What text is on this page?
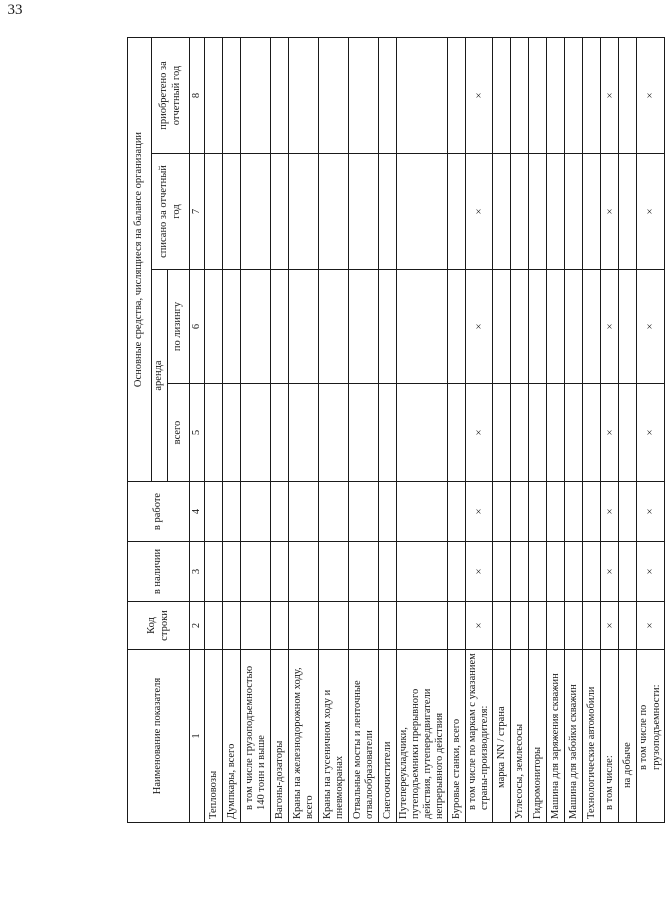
33
Наименование показателя	Код строки	в наличии	в работе	Основные средства, числящиеся на балансе организации			
				аренда		списано за отчетный год	приобретено за отчетный год
				всего	по лизингу		
1	2	3	4	5	6	7	8
Тепловозы							
Думпкары, всего							
в том числе грузоподъемностью 140 тонн и выше							
Вагоны-дозаторы							
Краны на железнодорожном ходу, всего							
Краны на гусеничном ходу и пневмокранах							
Отвальные мосты и ленточные отвалообразователи							
Снегоочистители							
Путепереукладчики, путеподъемники прерывного действия, путепередвигатели непрерывного действия							
Буровые станки, всего							
в том числе по маркам с указанием страны-производителя:	×	×	×	×	×	×	×
марка NN / страна							
Углесосы, землесосы							
Гидромониторы							
Машина для заряжения скважин							
Машина для забойки скважин							
Технологические автомобили							
в том числе:	×	×	×	×	×	×	×
на добыче							
в том числе по грузоподъемности:	×	×	×	×	×	×	×
